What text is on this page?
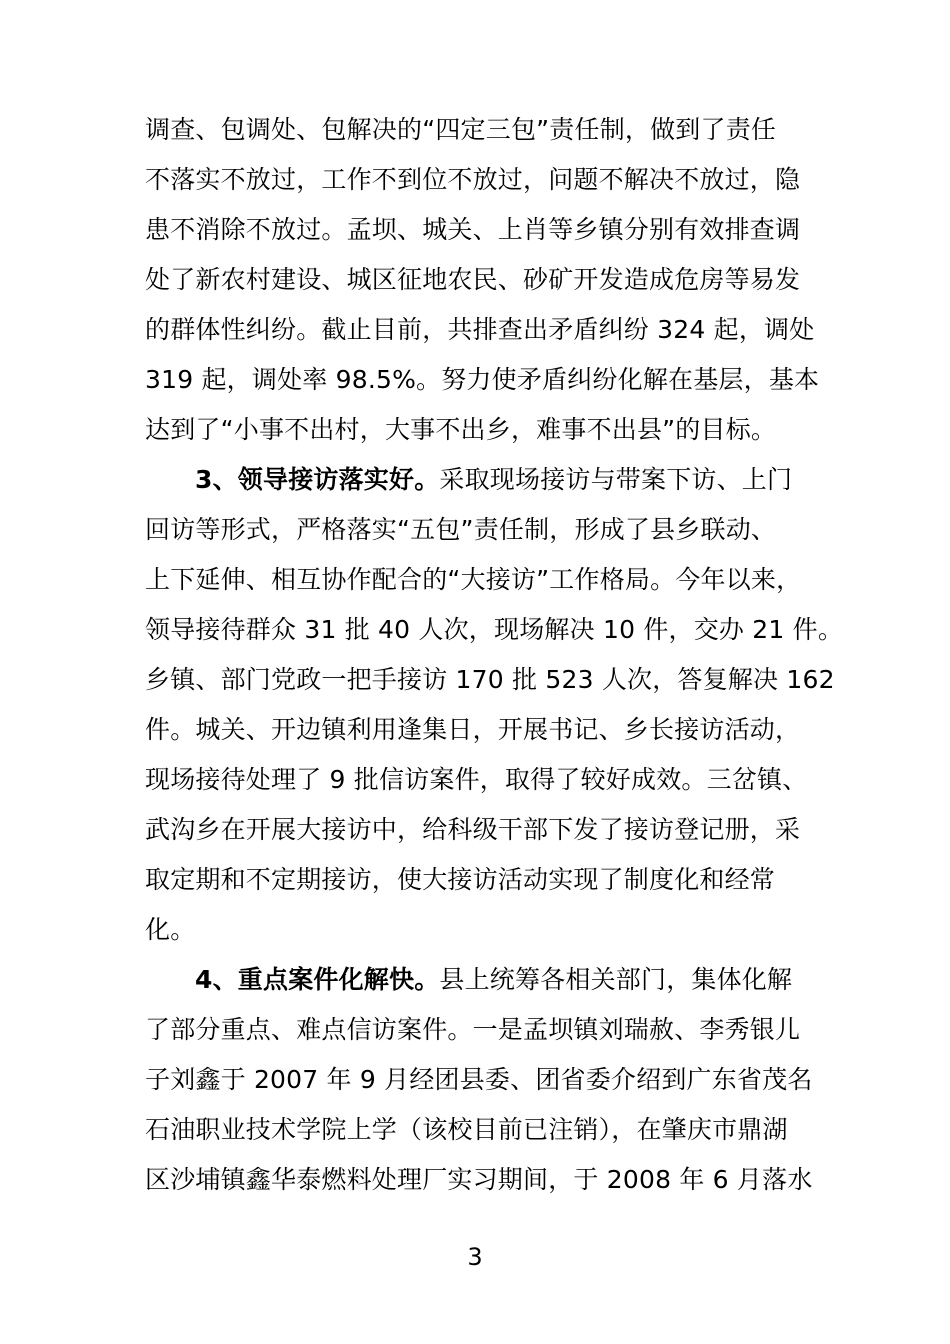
调查、包调处、包解决的“四定三包”责任制，做到了责任
不落实不放过，工作不到位不放过，问题不解决不放过，隐
患不消除不放过。孟坝、城关、上肖等乡镇分别有效排查调
处了新农村建设、城区征地农民、砂矿开发造成危房等易发
的群体性纠纷。截止目前，共排查出矛盾纠纷 324 起，调处
319 起，调处率 98.5%。努力使矛盾纠纷化解在基层，基本
达到了“小事不出村，大事不出乡，难事不出县”的目标。
3、领导接访落实好。采取现场接访与带案下访、上门
回访等形式，严格落实“五包”责任制，形成了县乡联动、
上下延伸、相互协作配合的“大接访”工作格局。今年以来，
领导接待群众 31 批 40 人次，现场解决 10 件，交办 21 件。
乡镇、部门党政一把手接访 170 批 523 人次，答复解决 162
件。城关、开边镇利用逢集日，开展书记、乡长接访活动，
现场接待处理了 9 批信访案件，取得了较好成效。三岔镇、
武沟乡在开展大接访中，给科级干部下发了接访登记册，采
取定期和不定期接访，使大接访活动实现了制度化和经常
化。
4、重点案件化解快。县上统筹各相关部门，集体化解
了部分重点、难点信访案件。一是孟坝镇刘瑞赦、李秀银儿
子刘鑫于 2007 年 9 月经团县委、团省委介绍到广东省茂名
石油职业技术学院上学（该校目前已注销），在肇庆市鼎湖
区沙埔镇鑫华泰燃料处理厂实习期间，于 2008 年 6 月落水
3
